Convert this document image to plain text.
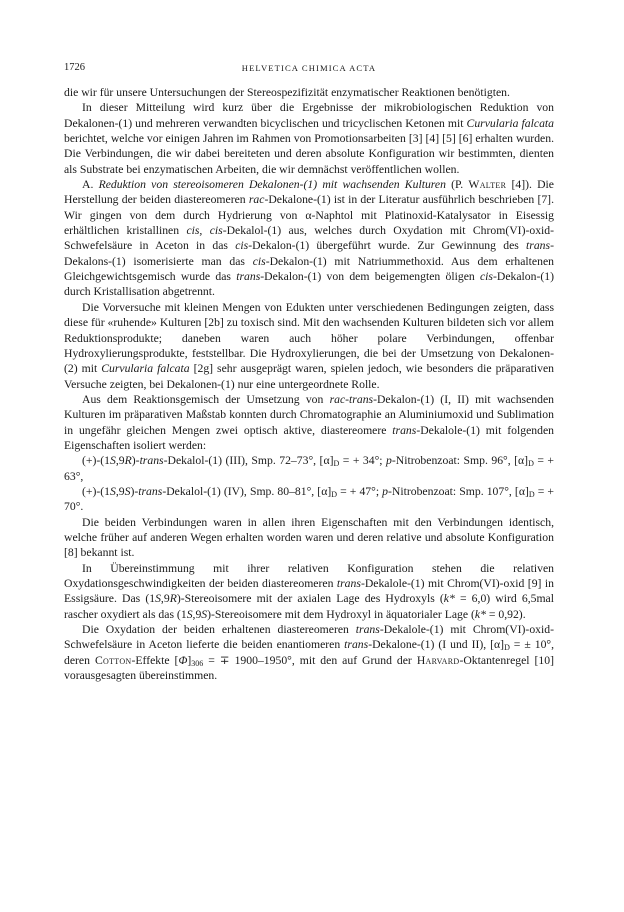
1726	HELVETICA CHIMICA ACTA

die wir für unsere Untersuchungen der Stereospezifizität enzymatischer Reaktionen benötigten.

In dieser Mitteilung wird kurz über die Ergebnisse der mikrobiologischen Reduktion von Dekalonen-(1) und mehreren verwandten bicyclischen und tricyclischen Ketonen mit Curvularia falcata berichtet, welche vor einigen Jahren im Rahmen von Promotionsarbeiten [3] [4] [5] [6] erhalten wurden. Die Verbindungen, die wir dabei bereiteten und deren absolute Konfiguration wir bestimmten, dienten als Substrate bei enzymatischen Arbeiten, die wir demnächst veröffentlichen wollen.

A. Reduktion von stereoisomeren Dekalonen-(1) mit wachsenden Kulturen (P. Walter [4]). Die Herstellung der beiden diastereomeren rac-Dekalone-(1) ist in der Literatur ausführlich beschrieben [7]. Wir gingen von dem durch Hydrierung von α-Naphtol mit Platinoxid-Katalysator in Eisessig erhältlichen kristallinen cis, cis-Dekalol-(1) aus, welches durch Oxydation mit Chrom(VI)-oxid-Schwefelsäure in Aceton in das cis-Dekalon-(1) übergeführt wurde. Zur Gewinnung des trans-Dekalons-(1) isomerisierte man das cis-Dekalon-(1) mit Natriummethoxid. Aus dem erhaltenen Gleichgewichtsgemisch wurde das trans-Dekalon-(1) von dem beigemengten öligen cis-Dekalon-(1) durch Kristallisation abgetrennt.

Die Vorversuche mit kleinen Mengen von Edukten unter verschiedenen Bedingungen zeigten, dass diese für «ruhende» Kulturen [2b] zu toxisch sind. Mit den wachsenden Kulturen bildeten sich vor allem Reduktionsprodukte; daneben waren auch höher polare Verbindungen, offenbar Hydroxylierungsprodukte, feststellbar. Die Hydroxylierungen, die bei der Umsetzung von Dekalonen-(2) mit Curvularia falcata [2g] sehr ausgeprägt waren, spielen jedoch, wie besonders die präparativen Versuche zeigten, bei Dekalonen-(1) nur eine untergeordnete Rolle.

Aus dem Reaktionsgemisch der Umsetzung von rac-trans-Dekalon-(1) (I, II) mit wachsenden Kulturen im präparativen Maßstab konnten durch Chromatographie an Aluminiumoxid und Sublimation in ungefähr gleichen Mengen zwei optisch aktive, diastereomere trans-Dekalole-(1) mit folgenden Eigenschaften isoliert werden:

(+)-(1S,9R)-trans-Dekalol-(1) (III), Smp. 72–73°, $[\alpha]_D$ = + 34°; p-Nitrobenzoat: Smp. 96°, $[\alpha]_D$ = + 63°,

(+)-(1S,9S)-trans-Dekalol-(1) (IV), Smp. 80–81°, $[\alpha]_D$ = + 47°; p-Nitrobenzoat: Smp. 107°, $[\alpha]_D$ = + 70°.

Die beiden Verbindungen waren in allen ihren Eigenschaften mit den Verbindungen identisch, welche früher auf anderen Wegen erhalten worden waren und deren relative und absolute Konfiguration [8] bekannt ist.

In Übereinstimmung mit ihrer relativen Konfiguration stehen die relativen Oxydationsgeschwindigkeiten der beiden diastereomeren trans-Dekalole-(1) mit Chrom(VI)-oxid [9] in Essigsäure. Das (1S,9R)-Stereoisomere mit der axialen Lage des Hydroxyls (k* = 6,0) wird 6,5mal rascher oxydiert als das (1S,9S)-Stereoisomere mit dem Hydroxyl in äquatorialer Lage (k* = 0,92).

Die Oxydation der beiden erhaltenen diastereomeren trans-Dekalole-(1) mit Chrom(VI)-oxid-Schwefelsäure in Aceton lieferte die beiden enantiomeren trans-Dekalone-(1) (I und II), $[\alpha]_D$ = ± 10°, deren Cotton-Effekte $[\Phi]_{306}$ = ∓ 1900–1950°, mit den auf Grund der Harvard-Oktantenregel [10] vorausgesagten übereinstimmen.
